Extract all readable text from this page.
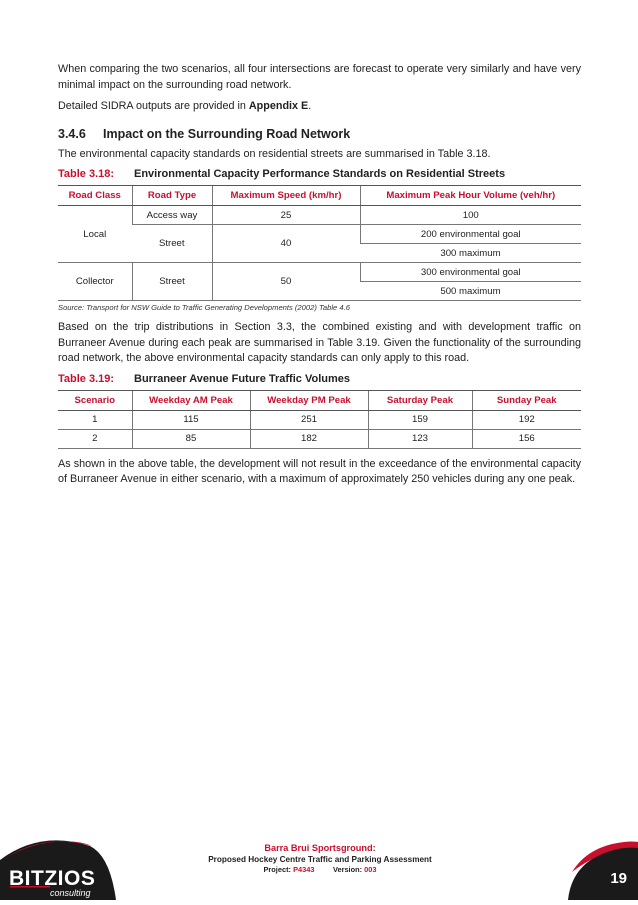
When comparing the two scenarios, all four intersections are forecast to operate very similarly and have very minimal impact on the surrounding road network.

Detailed SIDRA outputs are provided in Appendix E.

3.4.6	Impact on the Surrounding Road Network

The environmental capacity standards on residential streets are summarised in Table 3.18.

Table 3.18:	Environmental Capacity Performance Standards on Residential Streets
Road Class	Road Type	Maximum Speed (km/hr)	Maximum Peak Hour Volume (veh/hr)
Local	Access way	25	100
	Street	40	200 environmental goal
			300 maximum
Collector	Street	50	300 environmental goal
			500 maximum
Source: Transport for NSW Guide to Traffic Generating Developments (2002) Table 4.6

Based on the trip distributions in Section 3.3, the combined existing and with development traffic on Burraneer Avenue during each peak are summarised in Table 3.19. Given the functionality of the surrounding road network, the above environmental capacity standards can only apply to this road.

Table 3.19:	Burraneer Avenue Future Traffic Volumes
Scenario	Weekday AM Peak	Weekday PM Peak	Saturday Peak	Sunday Peak
1	115	251	159	192
2	85	182	123	156

As shown in the above table, the development will not result in the exceedance of the environmental capacity of Burraneer Avenue in either scenario, with a maximum of approximately 250 vehicles during any one peak.

BITZIOS
consulting
Barra Brui Sportsground:
Proposed Hockey Centre Traffic and Parking Assessment
Project: P4343 Version: 003
19
